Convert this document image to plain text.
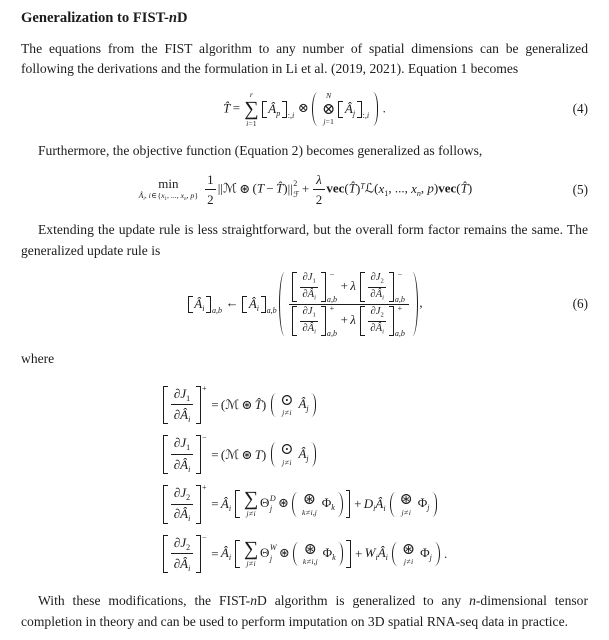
Generalization to FIST-nD

The equations from the FIST algorithm to any number of spatial dimensions can be generalized following the derivations and the formulation in Li et al. (2019, 2021). Equation 1 becomes

T̂ =
r
∑
i=1
$Â_p$ :,i
⊗
N
⊗
j=1
$Â_j$ :,i
.	(4)

Furthermore, the objective function (Equation 2) becomes generalized as follows,

min
$Â_i$, $i\in\{x_1$, ..., $x_n$, $p\} \frac{1}{2}$ ||ℳ ⊛ (T − T̂)|| 2
ℱ + $\frac{\lambda}{2}$ $vec(T̂)^Tℒ(x_1$, ..., $x_n$, p)vec(T̂)	(5)

Extending the update rule is less straightforward, but the overall form factor remains the same. The generalized update rule is

$Â_i$ a,b
← $Â_i$ $a,b \frac{\partial J_1}{\partial Â_i}$	−
a,b
+ λ $\frac{\partial J_2}{\partial Â_i}$	−
a,b
$\frac{\partial J_1}{\partial Â_i}$	+
a,b
+ λ $\frac{\partial J_2}{\partial Â_i}$	+
a,b ,	(6)

where

$\frac{\partial J_1}{\partial Â_i}$ +
= ( ℳ ⊛ T̂ ) ⊙
j≠i
$Â_j$
$\frac{\partial J_1}{\partial Â_i}$ −
= ( ℳ ⊛ T ) ⊙
j≠i
$Â_j$
$\frac{\partial J_2}{\partial Â_i}$ +
= $Â_i$ ∑
j≠i
Θ D
j ⊛ ⊛
k≠i,j
$\Phi_k + D_i$ $Â_i$
⊛
j≠i
$\Phi_j$
$\frac{\partial J_2}{\partial Â_i}$ −
= $Â_i$ ∑
j≠i
Θ W
j ⊛ ⊛
k≠i,j
$\Phi_k + W_i$ $Â_i$
⊛
j≠i
$\Phi_j$ .

With these modifications, the FIST-nD algorithm is generalized to any n-dimensional tensor completion in theory and can be used to perform imputation on 3D spatial RNA-seq data in practice.
